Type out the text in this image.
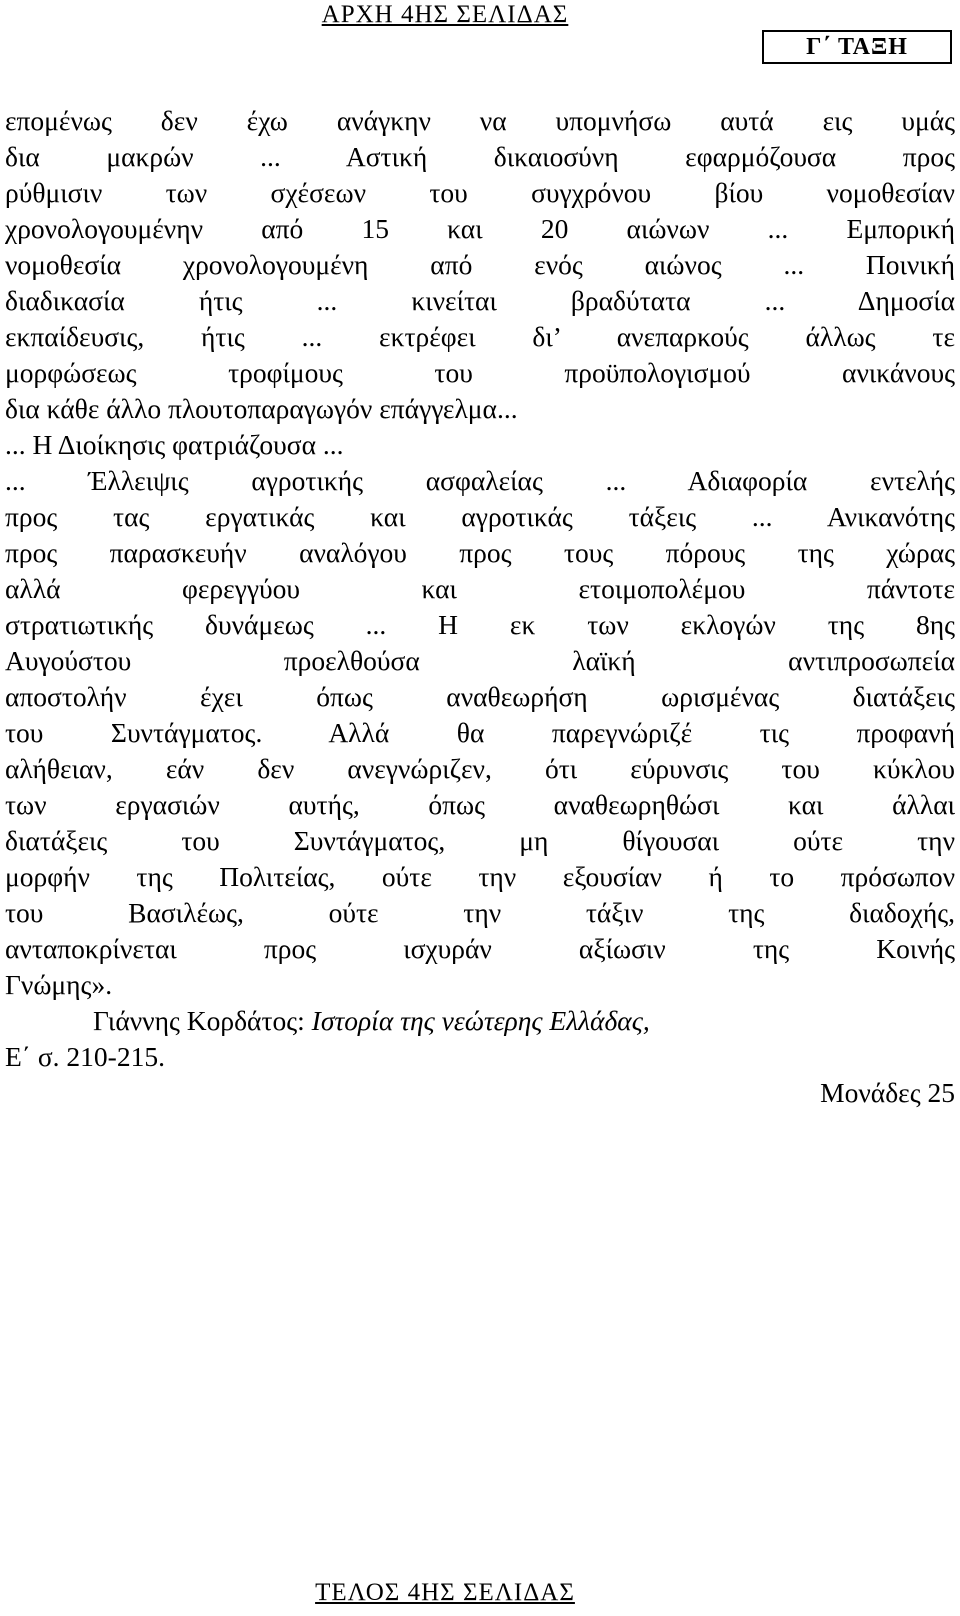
ΑΡΧΗ 4ΗΣ ΣΕΛΙΔΑΣ
Γ΄ ΤΑΞΗ
επομένως δεν έχω ανάγκην να υπομνήσω αυτά εις υμάς
δια μακρών ... Αστική δικαιοσύνη εφαρμόζουσα προς
ρύθμισιν των σχέσεων του συγχρόνου βίου νομοθεσίαν
χρονολογουμένην από 15 και 20 αιώνων ... Εμπορική
νομοθεσία χρονολογουμένη από ενός αιώνος ... Ποινική
διαδικασία ήτις ... κινείται βραδύτατα ... Δημοσία
εκπαίδευσις, ήτις ... εκτρέφει δι’ ανεπαρκούς άλλως τε
μορφώσεως τροφίμους του προϋπολογισμού ανικάνους
δια κάθε άλλο πλουτοπαραγωγόν επάγγελμα...
... Η Διοίκησις φατριάζουσα ...
... Έλλειψις αγροτικής ασφαλείας ... Αδιαφορία εντελής
προς τας εργατικάς και αγροτικάς τάξεις ... Ανικανότης
προς παρασκευήν αναλόγου προς τους πόρους της χώρας
αλλά φερεγγύου και ετοιμοπολέμου πάντοτε
στρατιωτικής δυνάμεως ... Η εκ των εκλογών της 8ης
Αυγούστου προελθούσα λαϊκή αντιπροσωπεία
αποστολήν έχει όπως αναθεωρήση ωρισμένας διατάξεις
του Συντάγματος. Αλλά θα παρεγνώριζέ τις προφανή
αλήθειαν, εάν δεν ανεγνώριζεν, ότι εύρυνσις του κύκλου
των εργασιών αυτής, όπως αναθεωρηθώσι και άλλαι
διατάξεις του Συντάγματος, μη θίγουσαι ούτε την
μορφήν της Πολιτείας, ούτε την εξουσίαν ή το πρόσωπον
του Βασιλέως, ούτε την τάξιν της διαδοχής,
ανταποκρίνεται προς ισχυράν αξίωσιν της Κοινής
Γνώμης».
Γιάννης Κορδάτος: Ιστορία της νεώτερης Ελλάδας,
Ε΄ σ. 210-215.
Μονάδες 25
ΤΕΛΟΣ 4ΗΣ ΣΕΛΙΔΑΣ
